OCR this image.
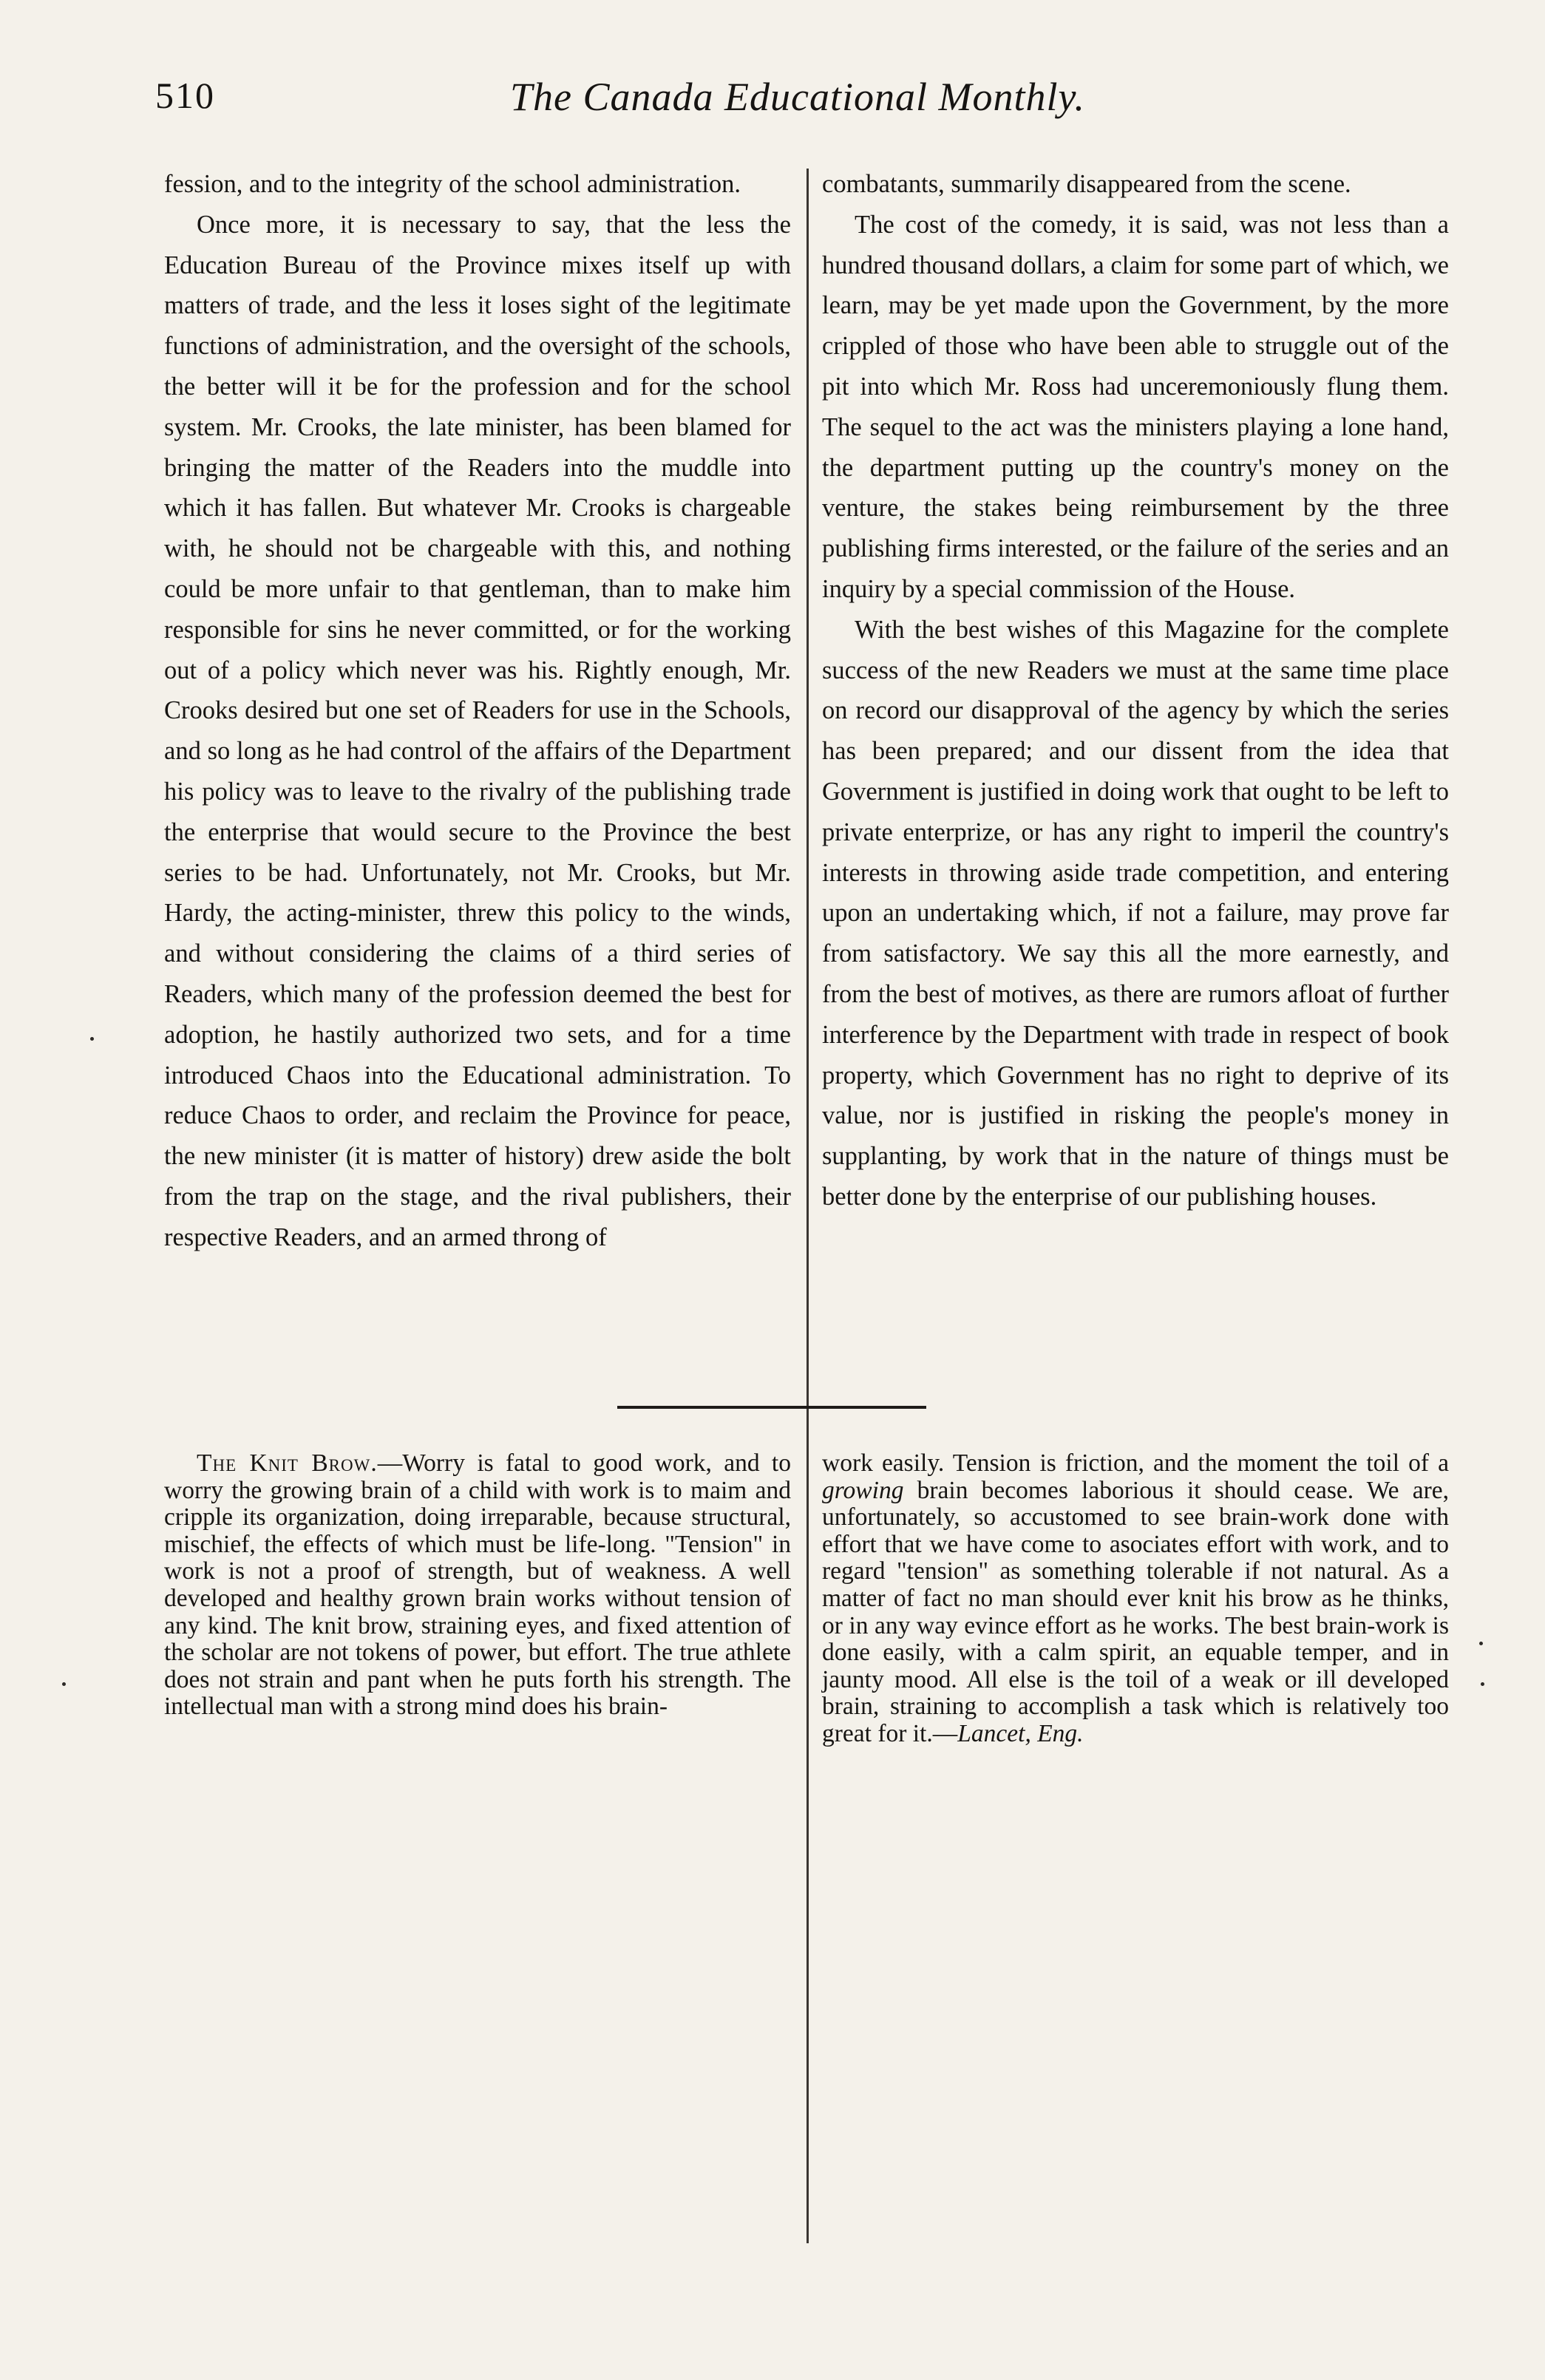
510	The Canada Educational Monthly.

fession, and to the integrity of the school administration.

Once more, it is necessary to say, that the less the Education Bureau of the Province mixes itself up with matters of trade, and the less it loses sight of the legitimate functions of administration, and the oversight of the schools, the better will it be for the profession and for the school system. Mr. Crooks, the late minister, has been blamed for bringing the matter of the Readers into the muddle into which it has fallen. But whatever Mr. Crooks is chargeable with, he should not be chargeable with this, and nothing could be more unfair to that gentleman, than to make him responsible for sins he never committed, or for the working out of a policy which never was his. Rightly enough, Mr. Crooks desired but one set of Readers for use in the Schools, and so long as he had control of the affairs of the Department his policy was to leave to the rivalry of the publishing trade the enterprise that would secure to the Province the best series to be had. Unfortunately, not Mr. Crooks, but Mr. Hardy, the acting-minister, threw this policy to the winds, and without considering the claims of a third series of Readers, which many of the profession deemed the best for adoption, he hastily authorized two sets, and for a time introduced Chaos into the Educational administration. To reduce Chaos to order, and reclaim the Province for peace, the new minister (it is matter of history) drew aside the bolt from the trap on the stage, and the rival publishers, their respective Readers, and an armed throng of

combatants, summarily disappeared from the scene.

The cost of the comedy, it is said, was not less than a hundred thousand dollars, a claim for some part of which, we learn, may be yet made upon the Government, by the more crippled of those who have been able to struggle out of the pit into which Mr. Ross had unceremoniously flung them. The sequel to the act was the ministers playing a lone hand, the department putting up the country's money on the venture, the stakes being reimbursement by the three publishing firms interested, or the failure of the series and an inquiry by a special commission of the House.

With the best wishes of this Magazine for the complete success of the new Readers we must at the same time place on record our disapproval of the agency by which the series has been prepared; and our dissent from the idea that Government is justified in doing work that ought to be left to private enterprize, or has any right to imperil the country's interests in throwing aside trade competition, and entering upon an undertaking which, if not a failure, may prove far from satisfactory. We say this all the more earnestly, and from the best of motives, as there are rumors afloat of further interference by the Department with trade in respect of book property, which Government has no right to deprive of its value, nor is justified in risking the people's money in supplanting, by work that in the nature of things must be better done by the enterprise of our publishing houses.

The Knit Brow.—Worry is fatal to good work, and to worry the growing brain of a child with work is to maim and cripple its organization, doing irreparable, because structural, mischief, the effects of which must be life-long. "Tension" in work is not a proof of strength, but of weakness. A well developed and healthy grown brain works without tension of any kind. The knit brow, straining eyes, and fixed attention of the scholar are not tokens of power, but effort. The true athlete does not strain and pant when he puts forth his strength. The intellectual man with a strong mind does his brain-

work easily. Tension is friction, and the moment the toil of a growing brain becomes laborious it should cease. We are, unfortunately, so accustomed to see brain-work done with effort that we have come to asociates effort with work, and to regard "tension" as something tolerable if not natural. As a matter of fact no man should ever knit his brow as he thinks, or in any way evince effort as he works. The best brain-work is done easily, with a calm spirit, an equable temper, and in jaunty mood. All else is the toil of a weak or ill developed brain, straining to accomplish a task which is relatively too great for it.—Lancet, Eng.
